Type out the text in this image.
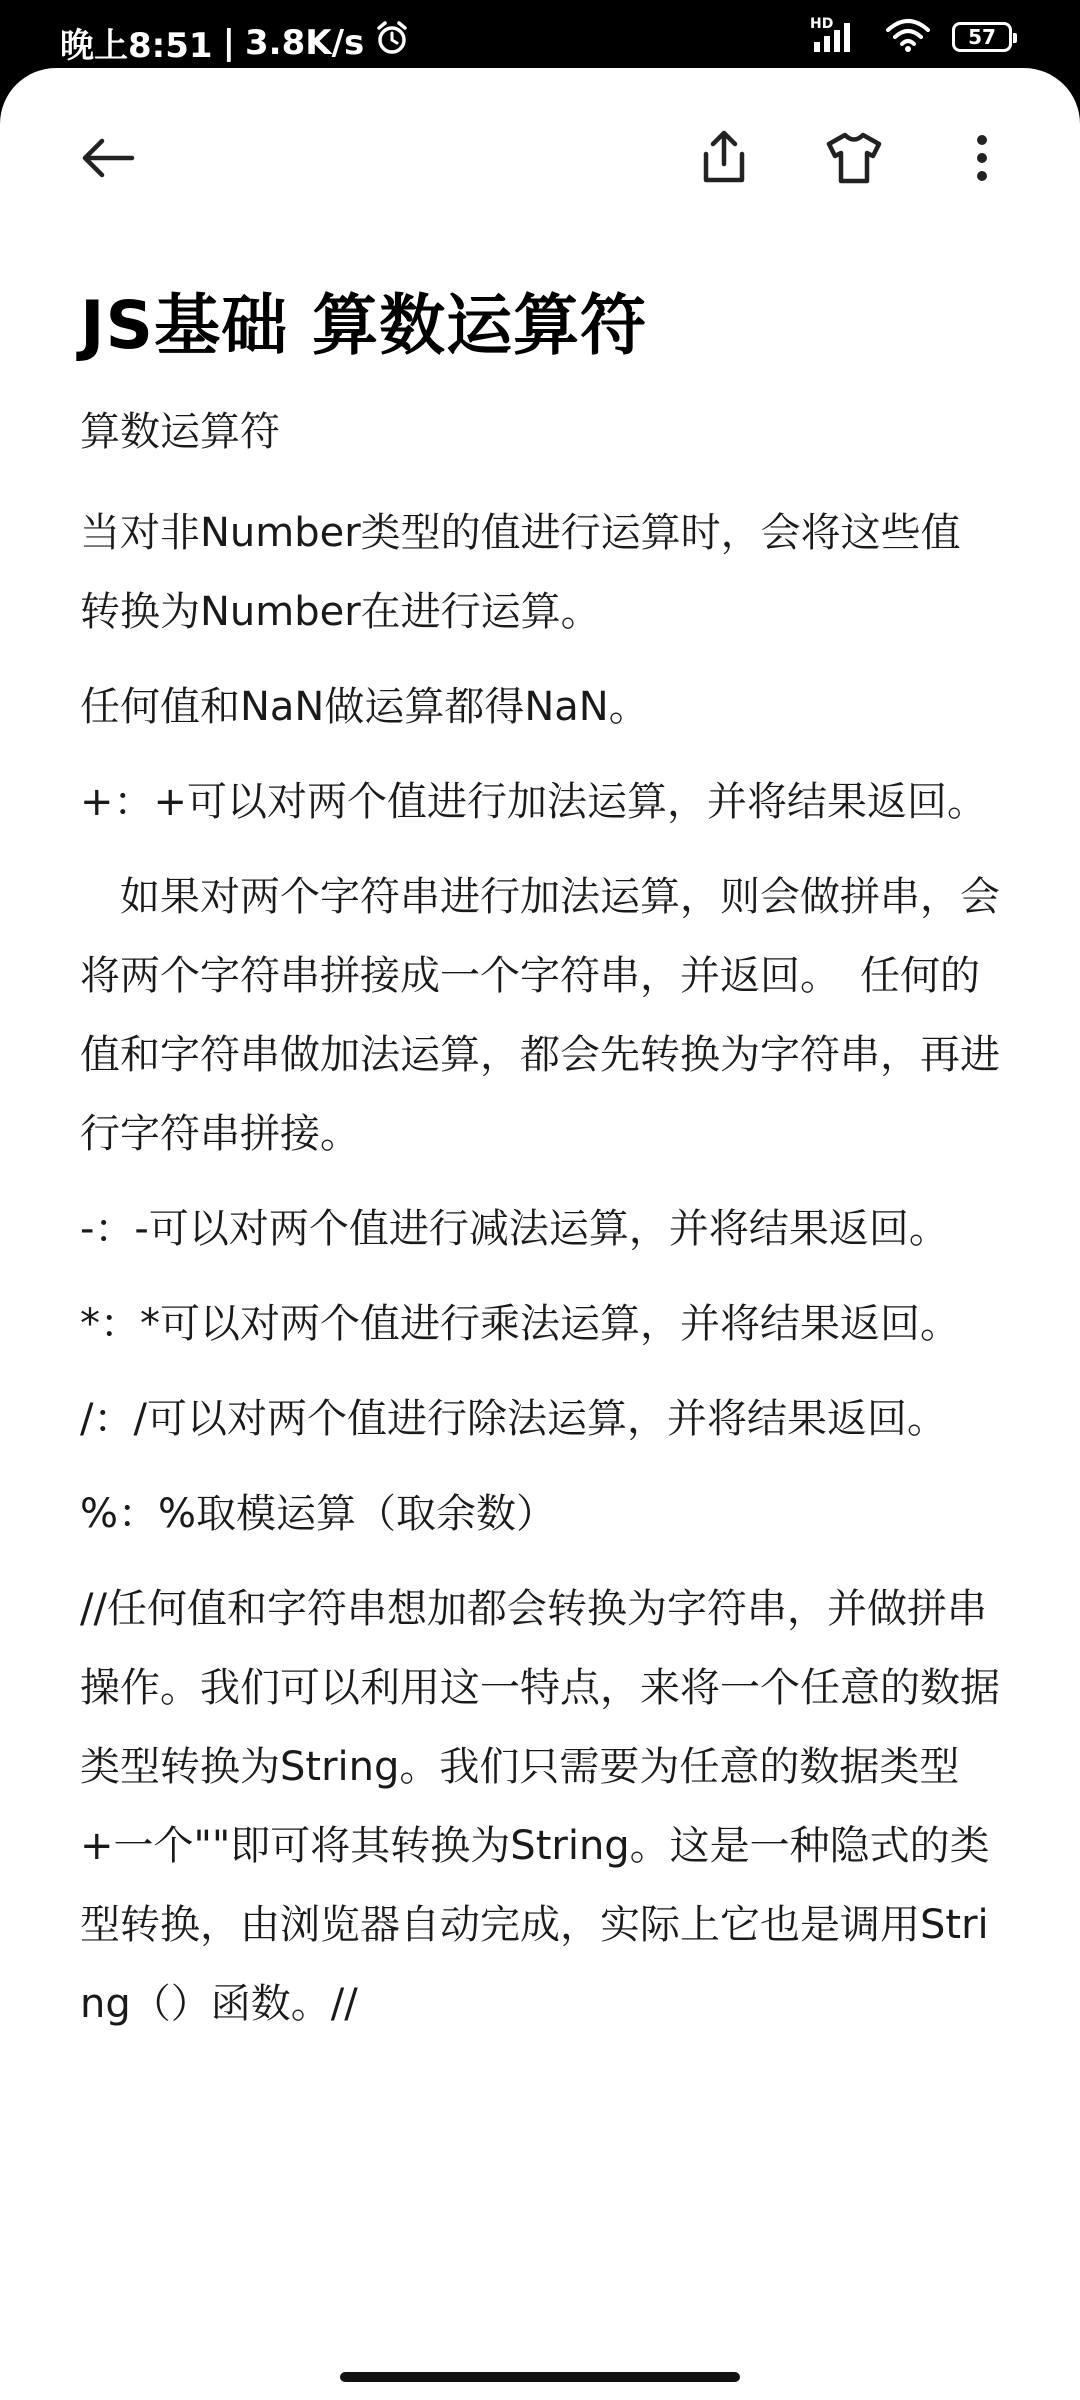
晚上8:51 | 3.8K/s	HD
57
JS基础 算数运算符

算数运算符

当对非Number类型的值进行运算时，会将这些值转换为Number在进行运算。

任何值和NaN做运算都得NaN。

+：+可以对两个值进行加法运算，并将结果返回。

　如果对两个字符串进行加法运算，则会做拼串，会将两个字符串拼接成一个字符串，并返回。　任何的值和字符串做加法运算，都会先转换为字符串，再进行字符串拼接。

-：-可以对两个值进行减法运算，并将结果返回。

*：*可以对两个值进行乘法运算，并将结果返回。

/：/可以对两个值进行除法运算，并将结果返回。

%：%取模运算（取余数）

//任何值和字符串想加都会转换为字符串，并做拼串操作。我们可以利用这一特点，来将一个任意的数据类型转换为String。我们只需要为任意的数据类型+一个""即可将其转换为String。这是一种隐式的类型转换，由浏览器自动完成，实际上它也是调用String（）函数。//
